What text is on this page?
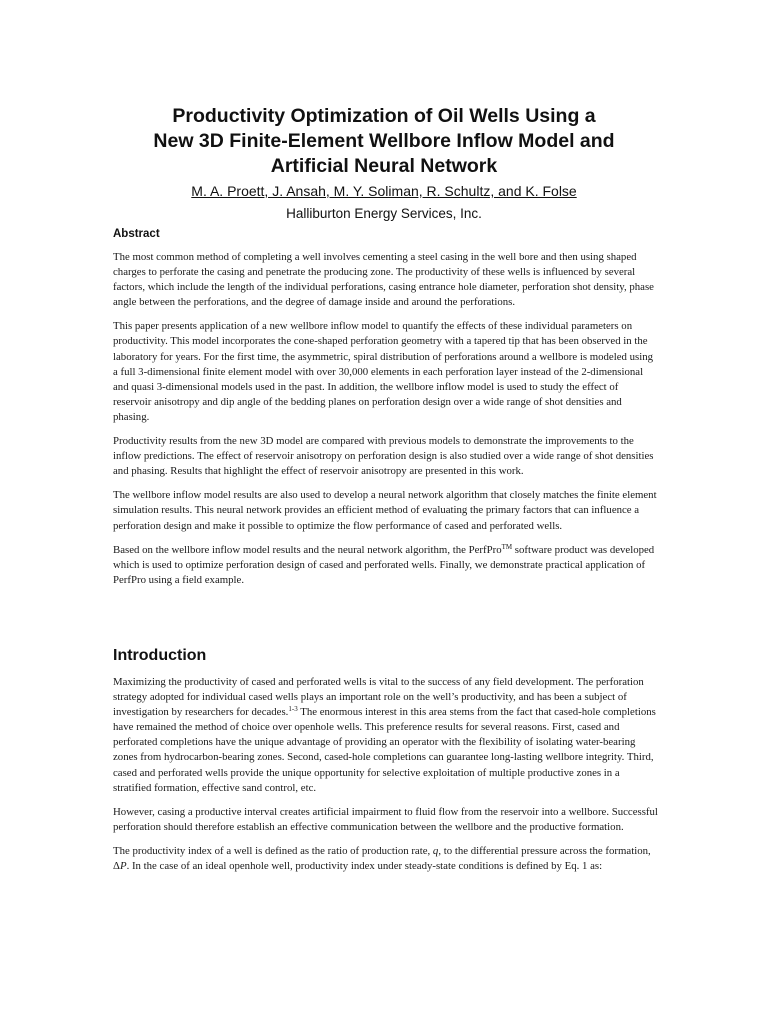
Productivity Optimization of Oil Wells Using a
New 3D Finite-Element Wellbore Inflow Model and
Artificial Neural Network
M. A. Proett, J. Ansah, M. Y. Soliman, R. Schultz, and K. Folse
Halliburton Energy Services, Inc.
Abstract

The most common method of completing a well involves cementing a steel casing in the well bore and then using shaped charges to perforate the casing and penetrate the producing zone. The productivity of these wells is influenced by several factors, which include the length of the individual perforations, casing entrance hole diameter, perforation shot density, phase angle between the perforations, and the degree of damage inside and around the perforations.

This paper presents application of a new wellbore inflow model to quantify the effects of these individual parameters on productivity. This model incorporates the cone-shaped perforation geometry with a tapered tip that has been observed in the laboratory for years. For the first time, the asymmetric, spiral distribution of perforations around a wellbore is modeled using a full 3-dimensional finite element model with over 30,000 elements in each perforation layer instead of the 2-dimensional and quasi 3-dimensional models used in the past. In addition, the wellbore inflow model is used to study the effect of reservoir anisotropy and dip angle of the bedding planes on perforation design over a wide range of shot densities and phasing.

Productivity results from the new 3D model are compared with previous models to demonstrate the improvements to the inflow predictions. The effect of reservoir anisotropy on perforation design is also studied over a wide range of shot densities and phasing. Results that highlight the effect of reservoir anisotropy are presented in this work.

The wellbore inflow model results are also used to develop a neural network algorithm that closely matches the finite element simulation results. This neural network provides an efficient method of evaluating the primary factors that can influence a perforation design and make it possible to optimize the flow performance of cased and perforated wells.

Based on the wellbore inflow model results and the neural network algorithm, the PerfPro™ software product was developed which is used to optimize perforation design of cased and perforated wells. Finally, we demonstrate practical application of PerfPro using a field example.

Introduction

Maximizing the productivity of cased and perforated wells is vital to the success of any field development. The perforation strategy adopted for individual cased wells plays an important role on the well’s productivity, and has been a subject of investigation by researchers for decades.$^{1-3}$ The enormous interest in this area stems from the fact that cased-hole completions have remained the method of choice over openhole wells. This preference results for several reasons. First, cased and perforated completions have the unique advantage of providing an operator with the flexibility of isolating water-bearing zones from hydrocarbon-bearing zones. Second, cased-hole completions can guarantee long-lasting wellbore integrity. Third, cased and perforated wells provide the unique opportunity for selective exploitation of multiple productive zones in a stratified formation, effective sand control, etc.

However, casing a productive interval creates artificial impairment to fluid flow from the reservoir into a wellbore. Successful perforation should therefore establish an effective communication between the wellbore and the productive formation.

The productivity index of a well is defined as the ratio of production rate, q, to the differential pressure across the formation, ΔP. In the case of an ideal openhole well, productivity index under steady-state conditions is defined by Eq. 1 as:
